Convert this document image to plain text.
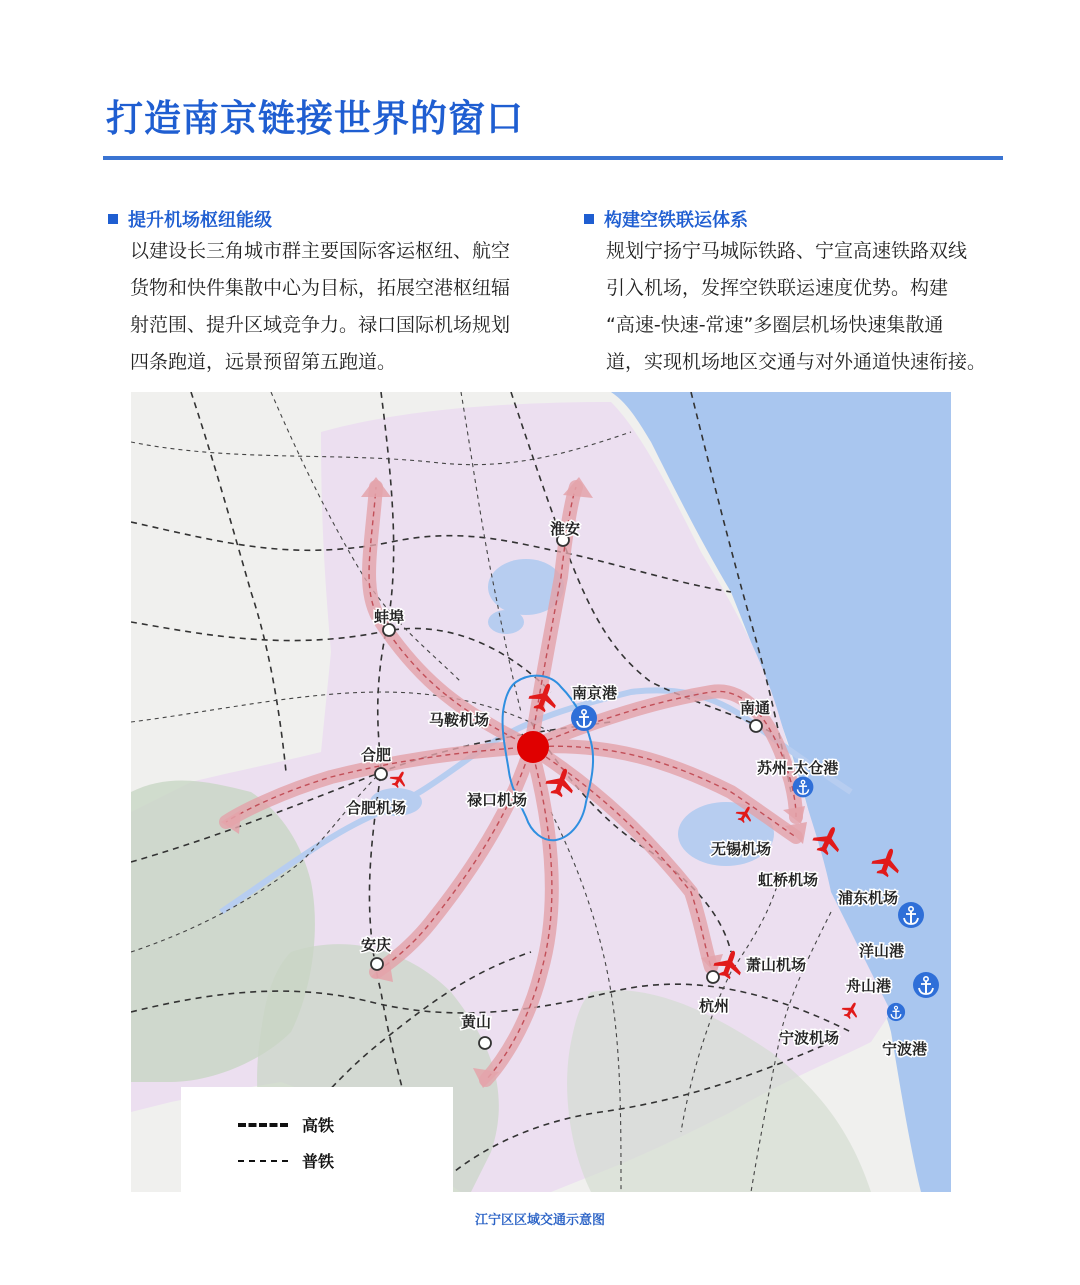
打造南京链接世界的窗口
提升机场枢纽能级
以建设长三角城市群主要国际客运枢纽、航空
货物和快件集散中心为目标，拓展空港枢纽辐
射范围、提升区域竞争力。禄口国际机场规划
四条跑道，远景预留第五跑道。
构建空铁联运体系
规划宁扬宁马城际铁路、宁宣高速铁路双线
引入机场，发挥空铁联运速度优势。构建
“高速-快速-常速”多圈层机场快速集散通
道，实现机场地区交通与对外通道快速衔接。
淮安
蚌埠
南京港
南通
马鞍机场
合肥
苏州-太仓港
合肥机场	禄口机场
无锡机场
虹桥机场
浦东机场
洋山港
安庆
萧山机场
舟山港
杭州
黄山
宁波机场
宁波港
高铁
普铁
江宁区区域交通示意图
